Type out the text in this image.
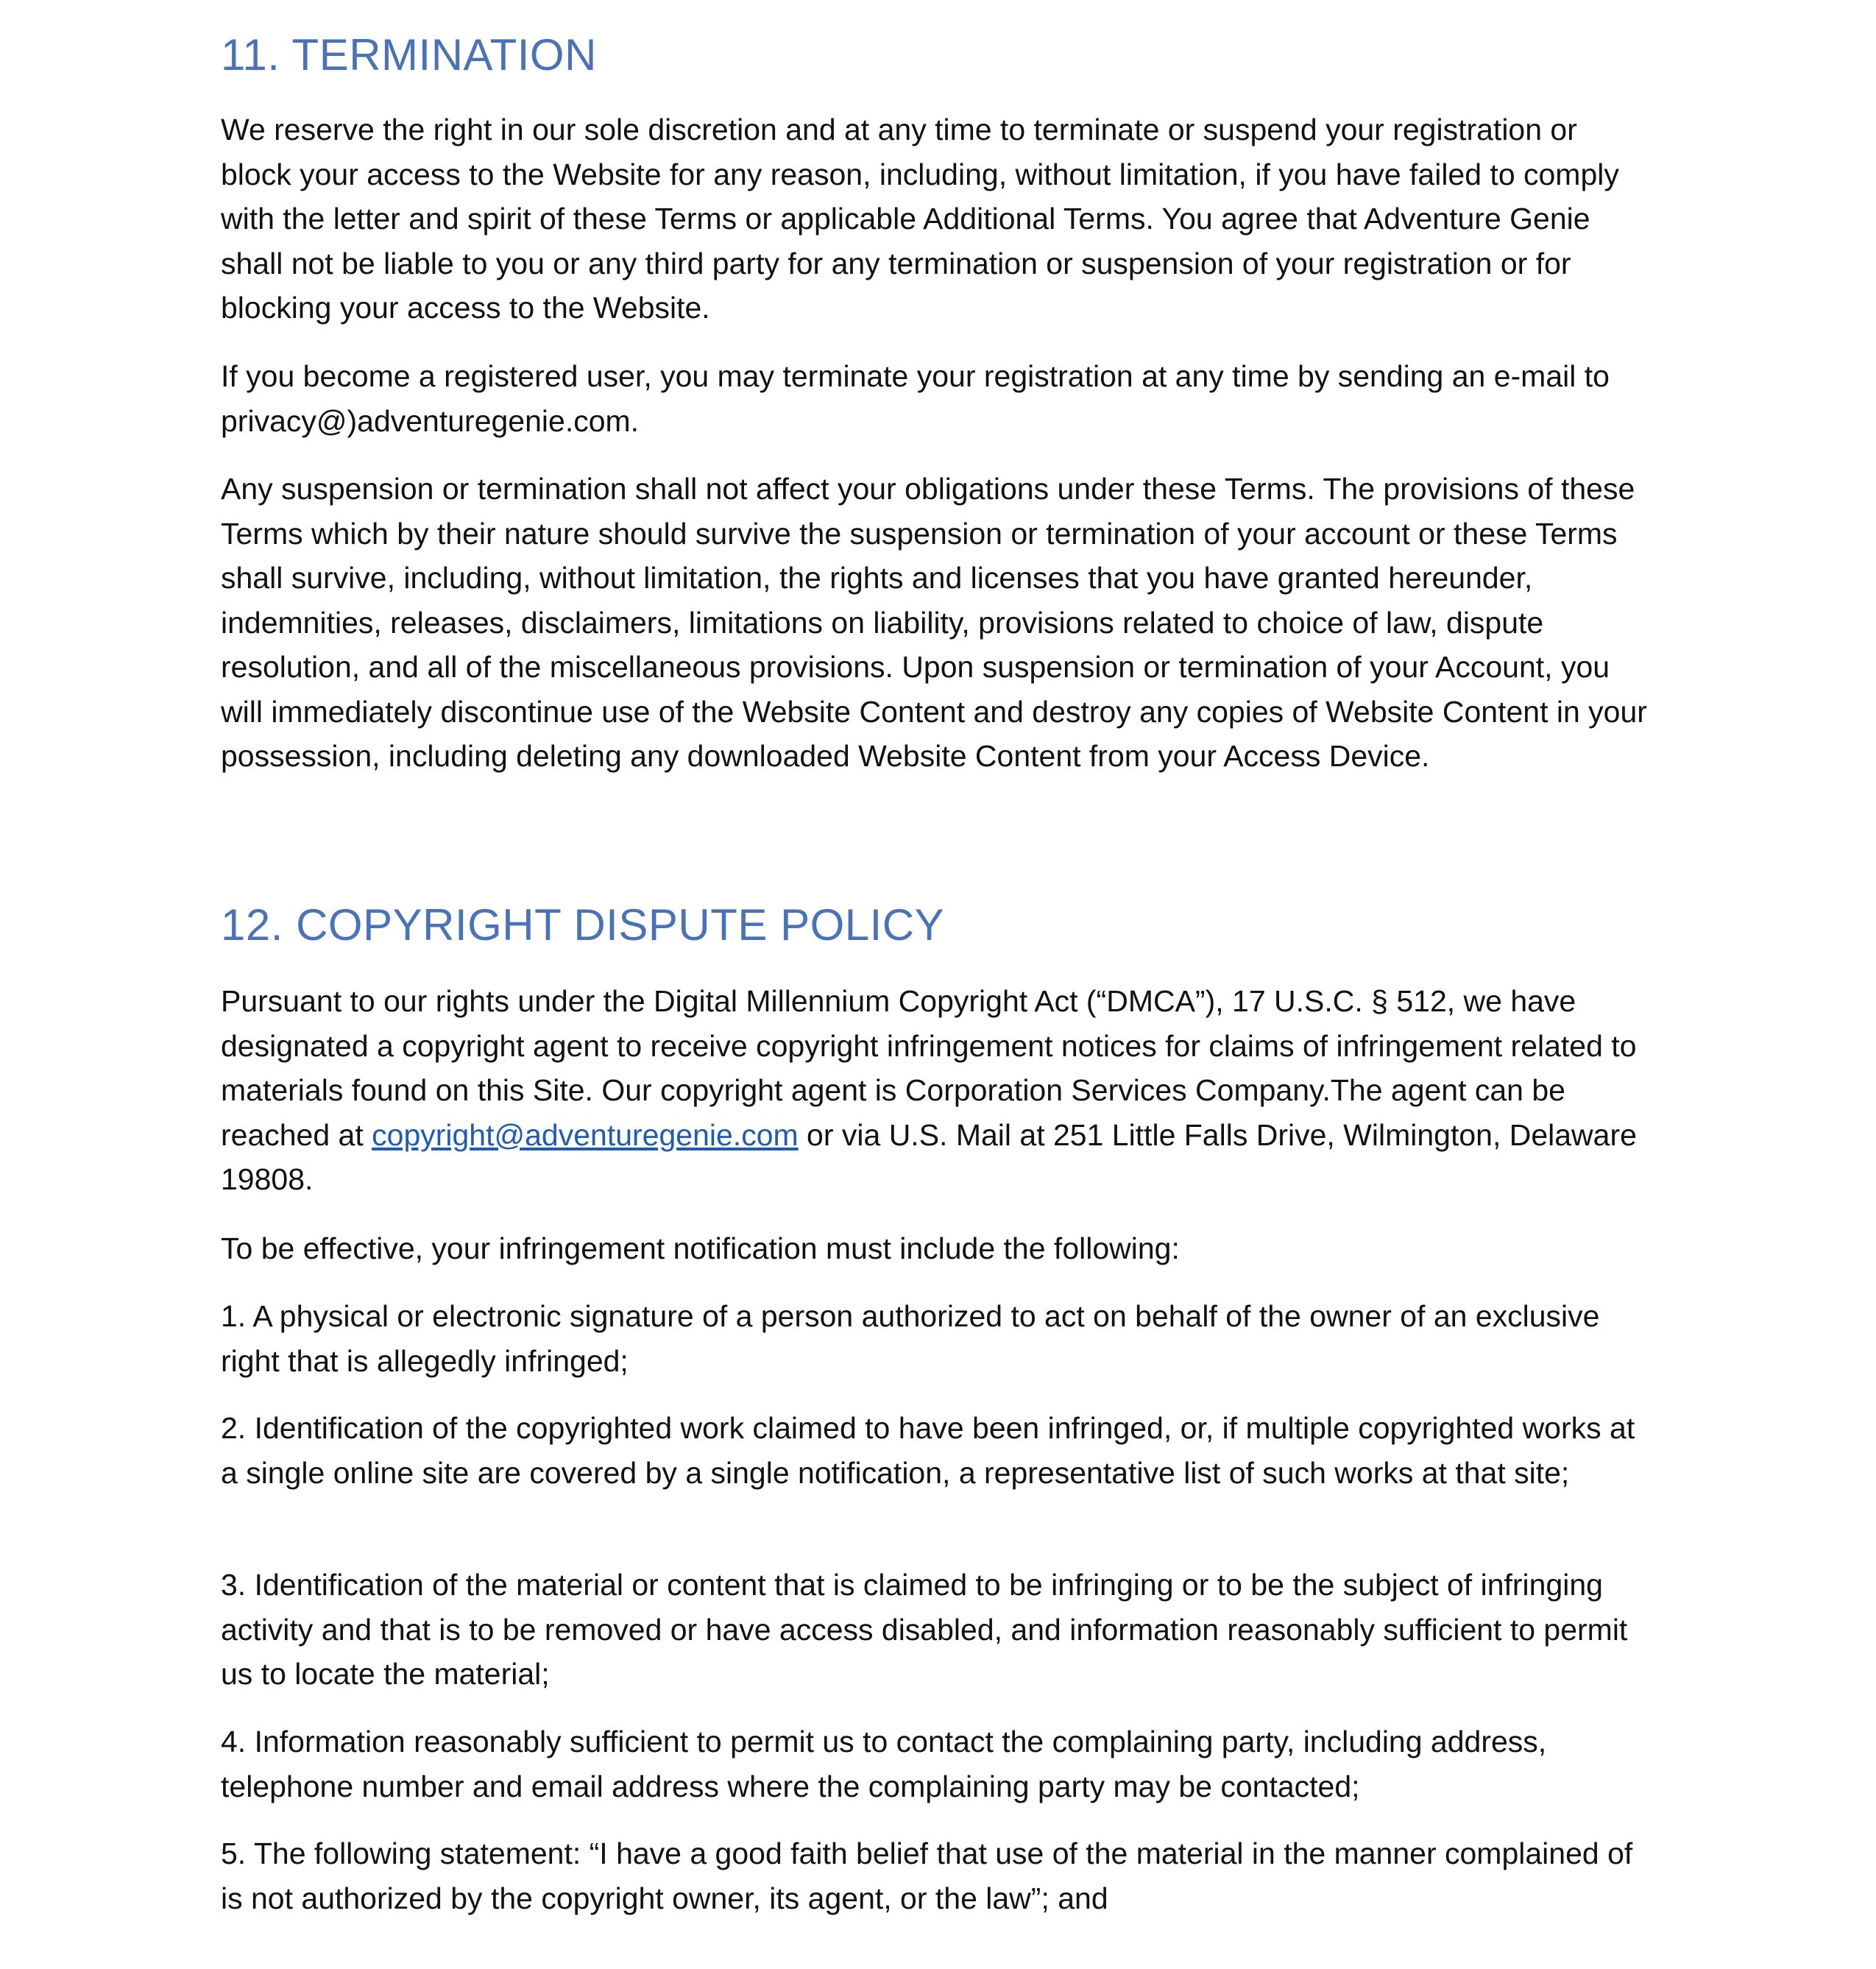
11. TERMINATION

We reserve the right in our sole discretion and at any time to terminate or suspend your registration or block your access to the Website for any reason, including, without limitation, if you have failed to comply with the letter and spirit of these Terms or applicable Additional Terms. You agree that Adventure Genie shall not be liable to you or any third party for any termination or suspension of your registration or for blocking your access to the Website.

If you become a registered user, you may terminate your registration at any time by sending an e-mail to privacy@)adventuregenie.com.

Any suspension or termination shall not affect your obligations under these Terms. The provisions of these Terms which by their nature should survive the suspension or termination of your account or these Terms shall survive, including, without limitation, the rights and licenses that you have granted hereunder, indemnities, releases, disclaimers, limitations on liability, provisions related to choice of law, dispute resolution, and all of the miscellaneous provisions. Upon suspension or termination of your Account, you will immediately discontinue use of the Website Content and destroy any copies of Website Content in your possession, including deleting any downloaded Website Content from your Access Device.

12. COPYRIGHT DISPUTE POLICY

Pursuant to our rights under the Digital Millennium Copyright Act (“DMCA”), 17 U.S.C. § 512, we have designated a copyright agent to receive copyright infringement notices for claims of infringement related to materials found on this Site. Our copyright agent is Corporation Services Company.The agent can be reached at copyright@adventuregenie.com or via U.S. Mail at 251 Little Falls Drive, Wilmington, Delaware 19808.

To be effective, your infringement notification must include the following:

1. A physical or electronic signature of a person authorized to act on behalf of the owner of an exclusive right that is allegedly infringed;

2. Identification of the copyrighted work claimed to have been infringed, or, if multiple copyrighted works at a single online site are covered by a single notification, a representative list of such works at that site;

3. Identification of the material or content that is claimed to be infringing or to be the subject of infringing activity and that is to be removed or have access disabled, and information reasonably sufficient to permit us to locate the material;

4. Information reasonably sufficient to permit us to contact the complaining party, including address, telephone number and email address where the complaining party may be contacted;

5. The following statement: “I have a good faith belief that use of the material in the manner complained of is not authorized by the copyright owner, its agent, or the law”; and
